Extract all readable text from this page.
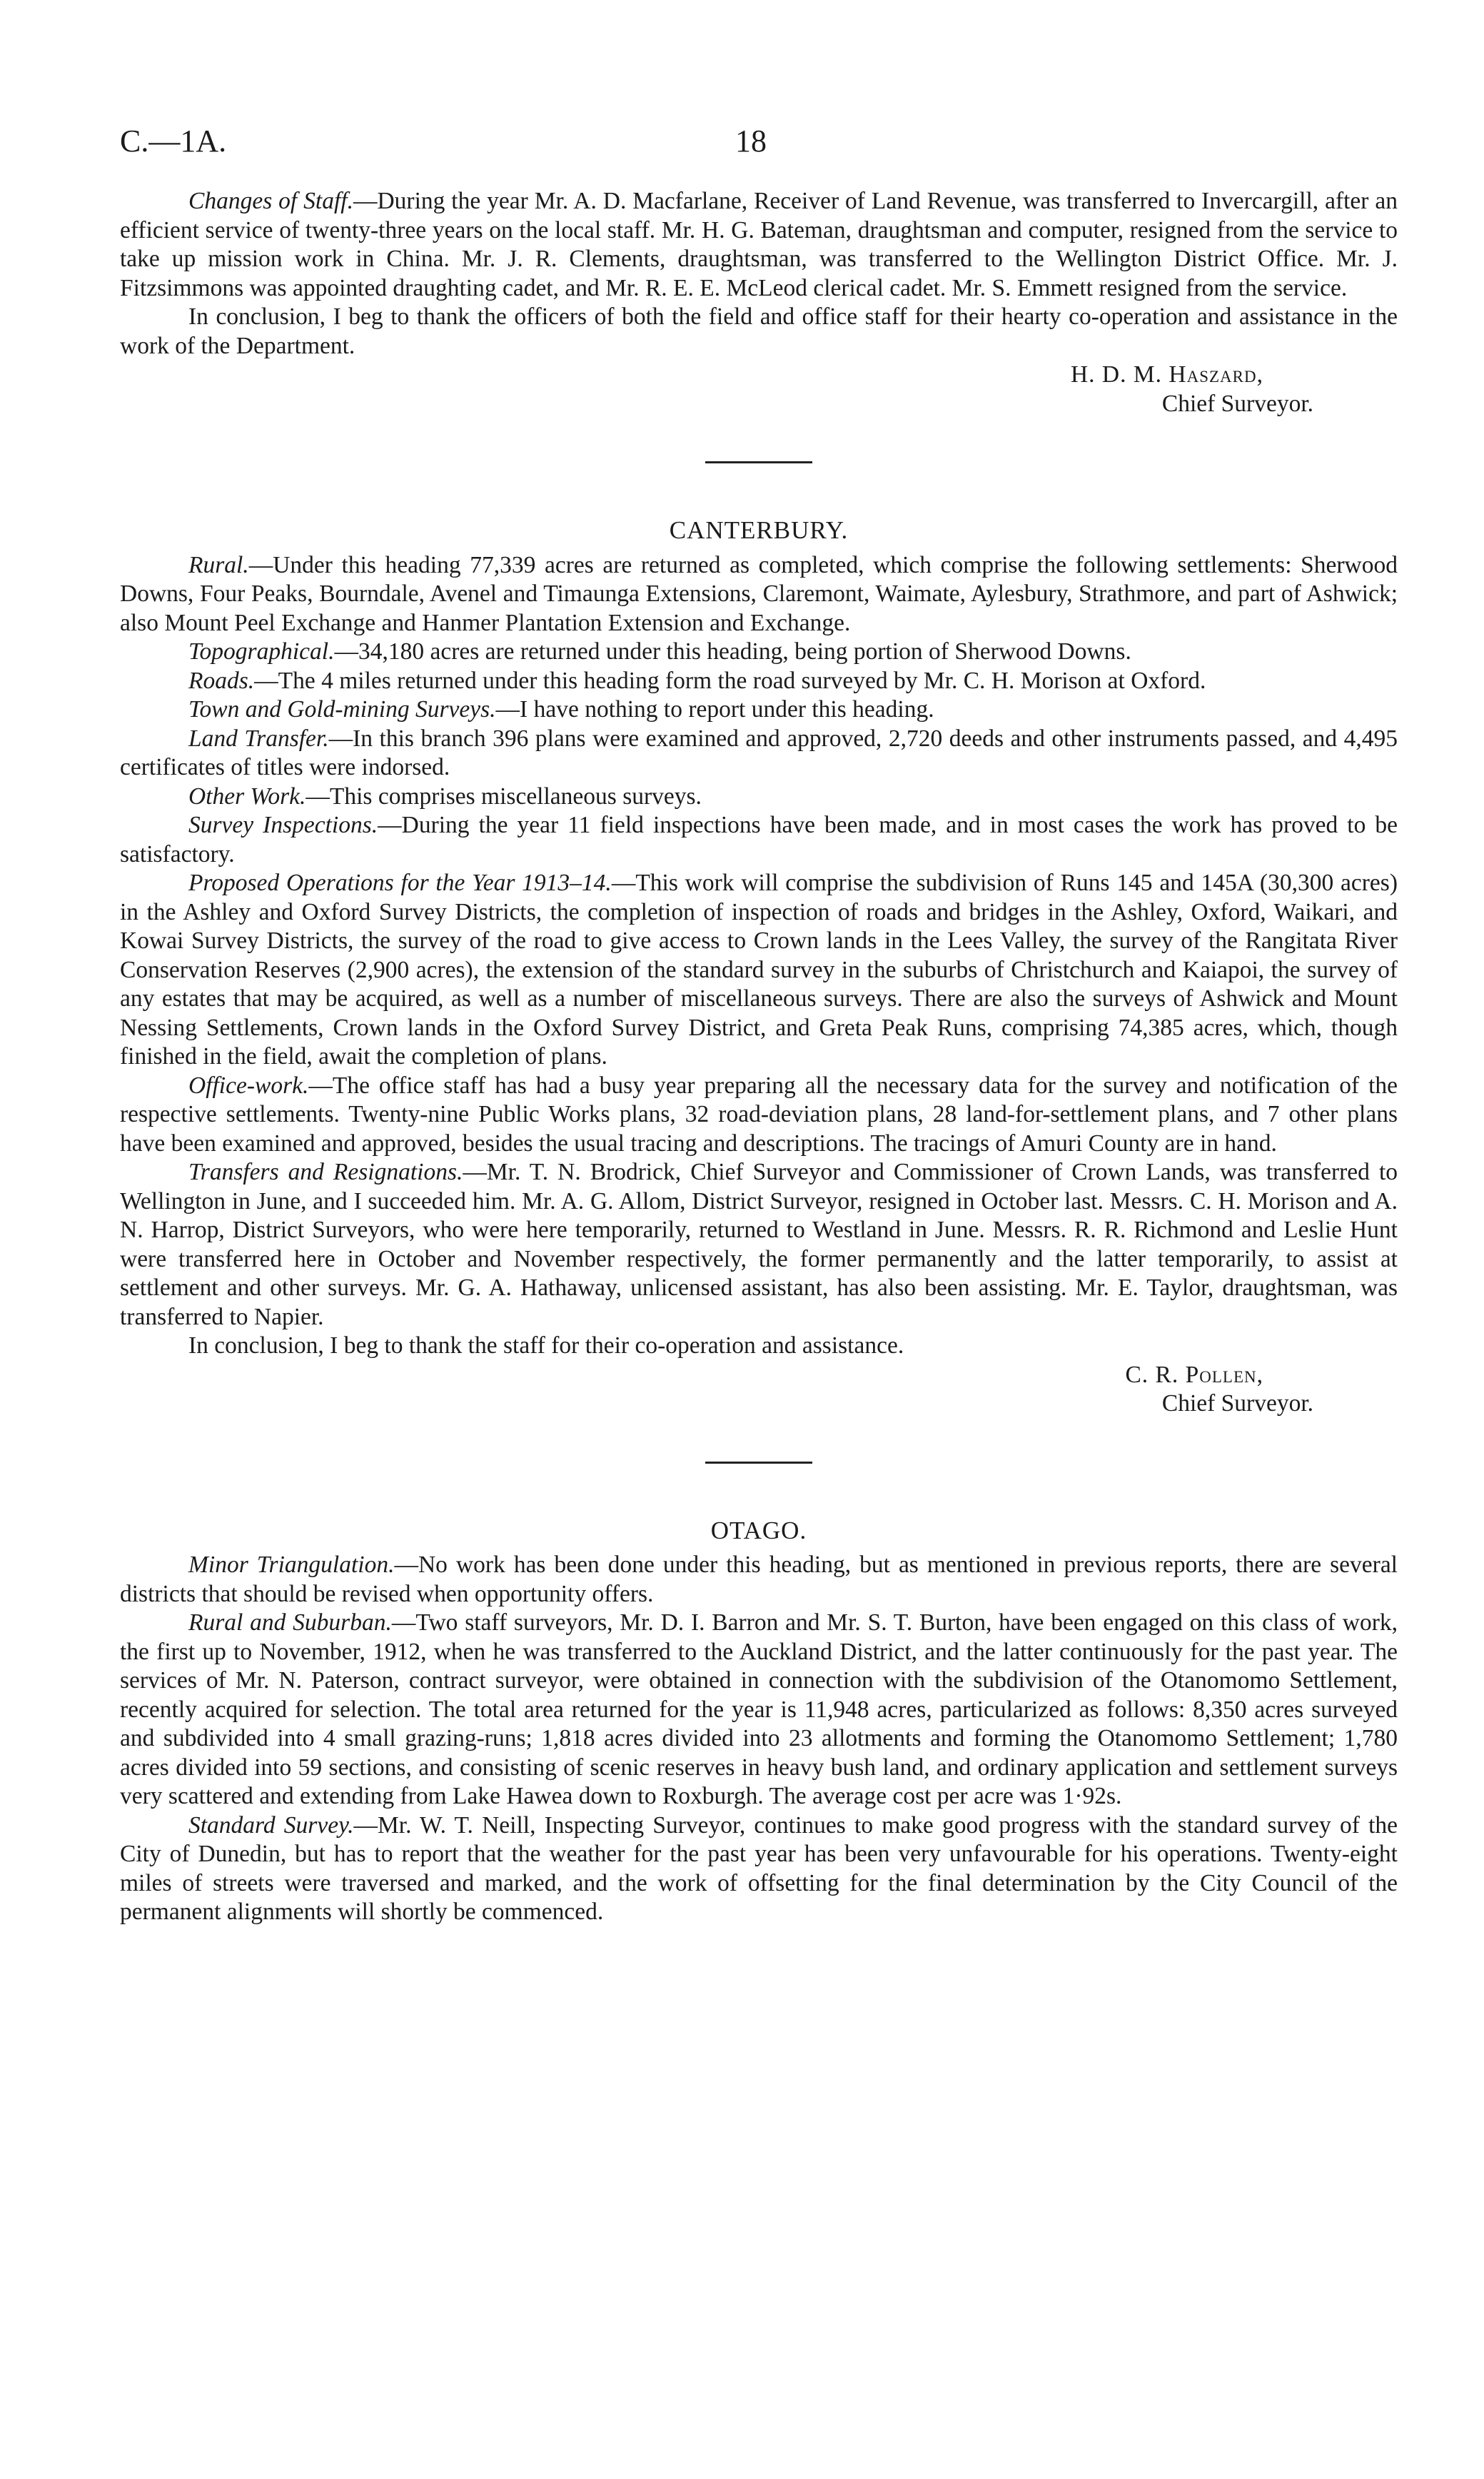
C.—1A.	18

Changes of Staff.—During the year Mr. A. D. Macfarlane, Receiver of Land Revenue, was transferred to Invercargill, after an efficient service of twenty-three years on the local staff. Mr. H. G. Bateman, draughtsman and computer, resigned from the service to take up mission work in China. Mr. J. R. Clements, draughtsman, was transferred to the Wellington District Office. Mr. J. Fitzsimmons was appointed draughting cadet, and Mr. R. E. E. McLeod clerical cadet. Mr. S. Emmett resigned from the service.

In conclusion, I beg to thank the officers of both the field and office staff for their hearty co-operation and assistance in the work of the Department.

H. D. M. Haszard,
Chief Surveyor.
CANTERBURY.

Rural.—Under this heading 77,339 acres are returned as completed, which comprise the following settlements: Sherwood Downs, Four Peaks, Bourndale, Avenel and Timaunga Extensions, Claremont, Waimate, Aylesbury, Strathmore, and part of Ashwick; also Mount Peel Exchange and Hanmer Plantation Extension and Exchange.

Topographical.—34,180 acres are returned under this heading, being portion of Sherwood Downs.

Roads.—The 4 miles returned under this heading form the road surveyed by Mr. C. H. Morison at Oxford.

Town and Gold-mining Surveys.—I have nothing to report under this heading.

Land Transfer.—In this branch 396 plans were examined and approved, 2,720 deeds and other instruments passed, and 4,495 certificates of titles were indorsed.

Other Work.—This comprises miscellaneous surveys.

Survey Inspections.—During the year 11 field inspections have been made, and in most cases the work has proved to be satisfactory.

Proposed Operations for the Year 1913–14.—This work will comprise the subdivision of Runs 145 and 145A (30,300 acres) in the Ashley and Oxford Survey Districts, the completion of inspection of roads and bridges in the Ashley, Oxford, Waikari, and Kowai Survey Districts, the survey of the road to give access to Crown lands in the Lees Valley, the survey of the Rangitata River Conservation Reserves (2,900 acres), the extension of the standard survey in the suburbs of Christchurch and Kaiapoi, the survey of any estates that may be acquired, as well as a number of miscellaneous surveys. There are also the surveys of Ashwick and Mount Nessing Settlements, Crown lands in the Oxford Survey District, and Greta Peak Runs, comprising 74,385 acres, which, though finished in the field, await the completion of plans.

Office-work.—The office staff has had a busy year preparing all the necessary data for the survey and notification of the respective settlements. Twenty-nine Public Works plans, 32 road-deviation plans, 28 land-for-settlement plans, and 7 other plans have been examined and approved, besides the usual tracing and descriptions. The tracings of Amuri County are in hand.

Transfers and Resignations.—Mr. T. N. Brodrick, Chief Surveyor and Commissioner of Crown Lands, was transferred to Wellington in June, and I succeeded him. Mr. A. G. Allom, District Surveyor, resigned in October last. Messrs. C. H. Morison and A. N. Harrop, District Surveyors, who were here temporarily, returned to Westland in June. Messrs. R. R. Richmond and Leslie Hunt were transferred here in October and November respectively, the former permanently and the latter temporarily, to assist at settlement and other surveys. Mr. G. A. Hathaway, unlicensed assistant, has also been assisting. Mr. E. Taylor, draughtsman, was transferred to Napier.

In conclusion, I beg to thank the staff for their co-operation and assistance.

C. R. Pollen,
Chief Surveyor.
OTAGO.

Minor Triangulation.—No work has been done under this heading, but as mentioned in previous reports, there are several districts that should be revised when opportunity offers.

Rural and Suburban.—Two staff surveyors, Mr. D. I. Barron and Mr. S. T. Burton, have been engaged on this class of work, the first up to November, 1912, when he was transferred to the Auckland District, and the latter continuously for the past year. The services of Mr. N. Paterson, contract surveyor, were obtained in connection with the subdivision of the Otanomomo Settlement, recently acquired for selection. The total area returned for the year is 11,948 acres, particularized as follows: 8,350 acres surveyed and subdivided into 4 small grazing-runs; 1,818 acres divided into 23 allotments and forming the Otanomomo Settlement; 1,780 acres divided into 59 sections, and consisting of scenic reserves in heavy bush land, and ordinary application and settlement surveys very scattered and extending from Lake Hawea down to Roxburgh. The average cost per acre was 1·92s.

Standard Survey.—Mr. W. T. Neill, Inspecting Surveyor, continues to make good progress with the standard survey of the City of Dunedin, but has to report that the weather for the past year has been very unfavourable for his operations. Twenty-eight miles of streets were traversed and marked, and the work of offsetting for the final determination by the City Council of the permanent alignments will shortly be commenced.
